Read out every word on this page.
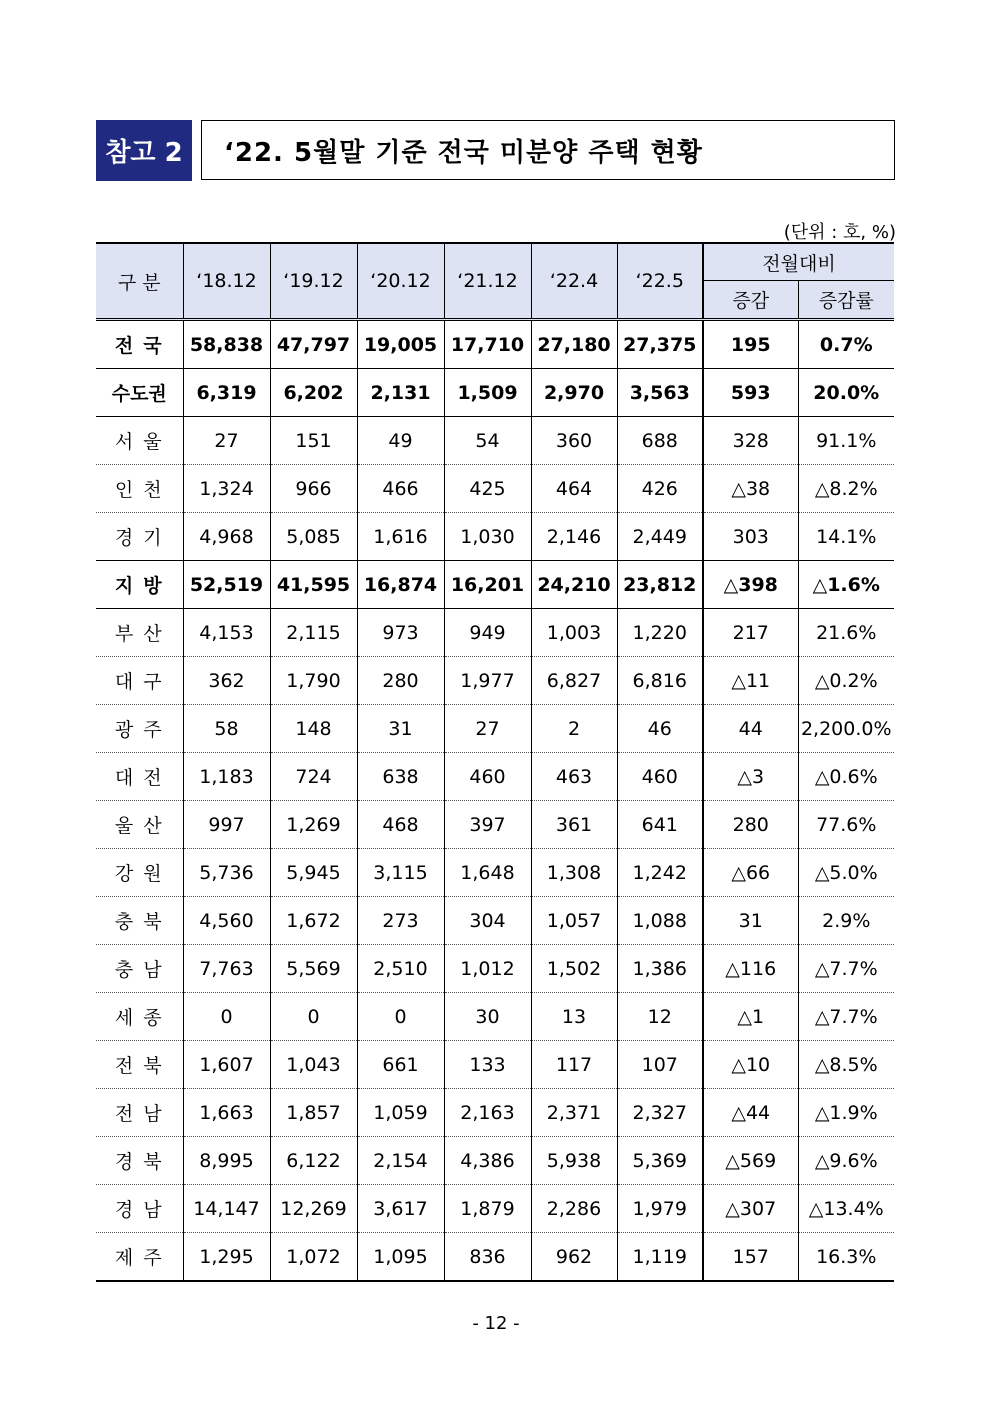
참고 2	‘22. 5월말 기준 전국 미분양 주택 현황
(단위 : 호, %)
구 분	‘18.12	‘19.12	‘20.12	‘21.12	‘22.4	‘22.5	전월대비	
							증감	증감률
전국	58,838	47,797	19,005	17,710	27,180	27,375	195	0.7%
수도권	6,319	6,202	2,131	1,509	2,970	3,563	593	20.0%
서울	27	151	49	54	360	688	328	91.1%
인천	1,324	966	466	425	464	426	△38	△8.2%
경기	4,968	5,085	1,616	1,030	2,146	2,449	303	14.1%
지방	52,519	41,595	16,874	16,201	24,210	23,812	△398	△1.6%
부산	4,153	2,115	973	949	1,003	1,220	217	21.6%
대구	362	1,790	280	1,977	6,827	6,816	△11	△0.2%
광주	58	148	31	27	2	46	44	2,200.0%
대전	1,183	724	638	460	463	460	△3	△0.6%
울산	997	1,269	468	397	361	641	280	77.6%
강원	5,736	5,945	3,115	1,648	1,308	1,242	△66	△5.0%
충북	4,560	1,672	273	304	1,057	1,088	31	2.9%
충남	7,763	5,569	2,510	1,012	1,502	1,386	△116	△7.7%
세종	0	0	0	30	13	12	△1	△7.7%
전북	1,607	1,043	661	133	117	107	△10	△8.5%
전남	1,663	1,857	1,059	2,163	2,371	2,327	△44	△1.9%
경북	8,995	6,122	2,154	4,386	5,938	5,369	△569	△9.6%
경남	14,147	12,269	3,617	1,879	2,286	1,979	△307	△13.4%
제주	1,295	1,072	1,095	836	962	1,119	157	16.3%
- 12 -
